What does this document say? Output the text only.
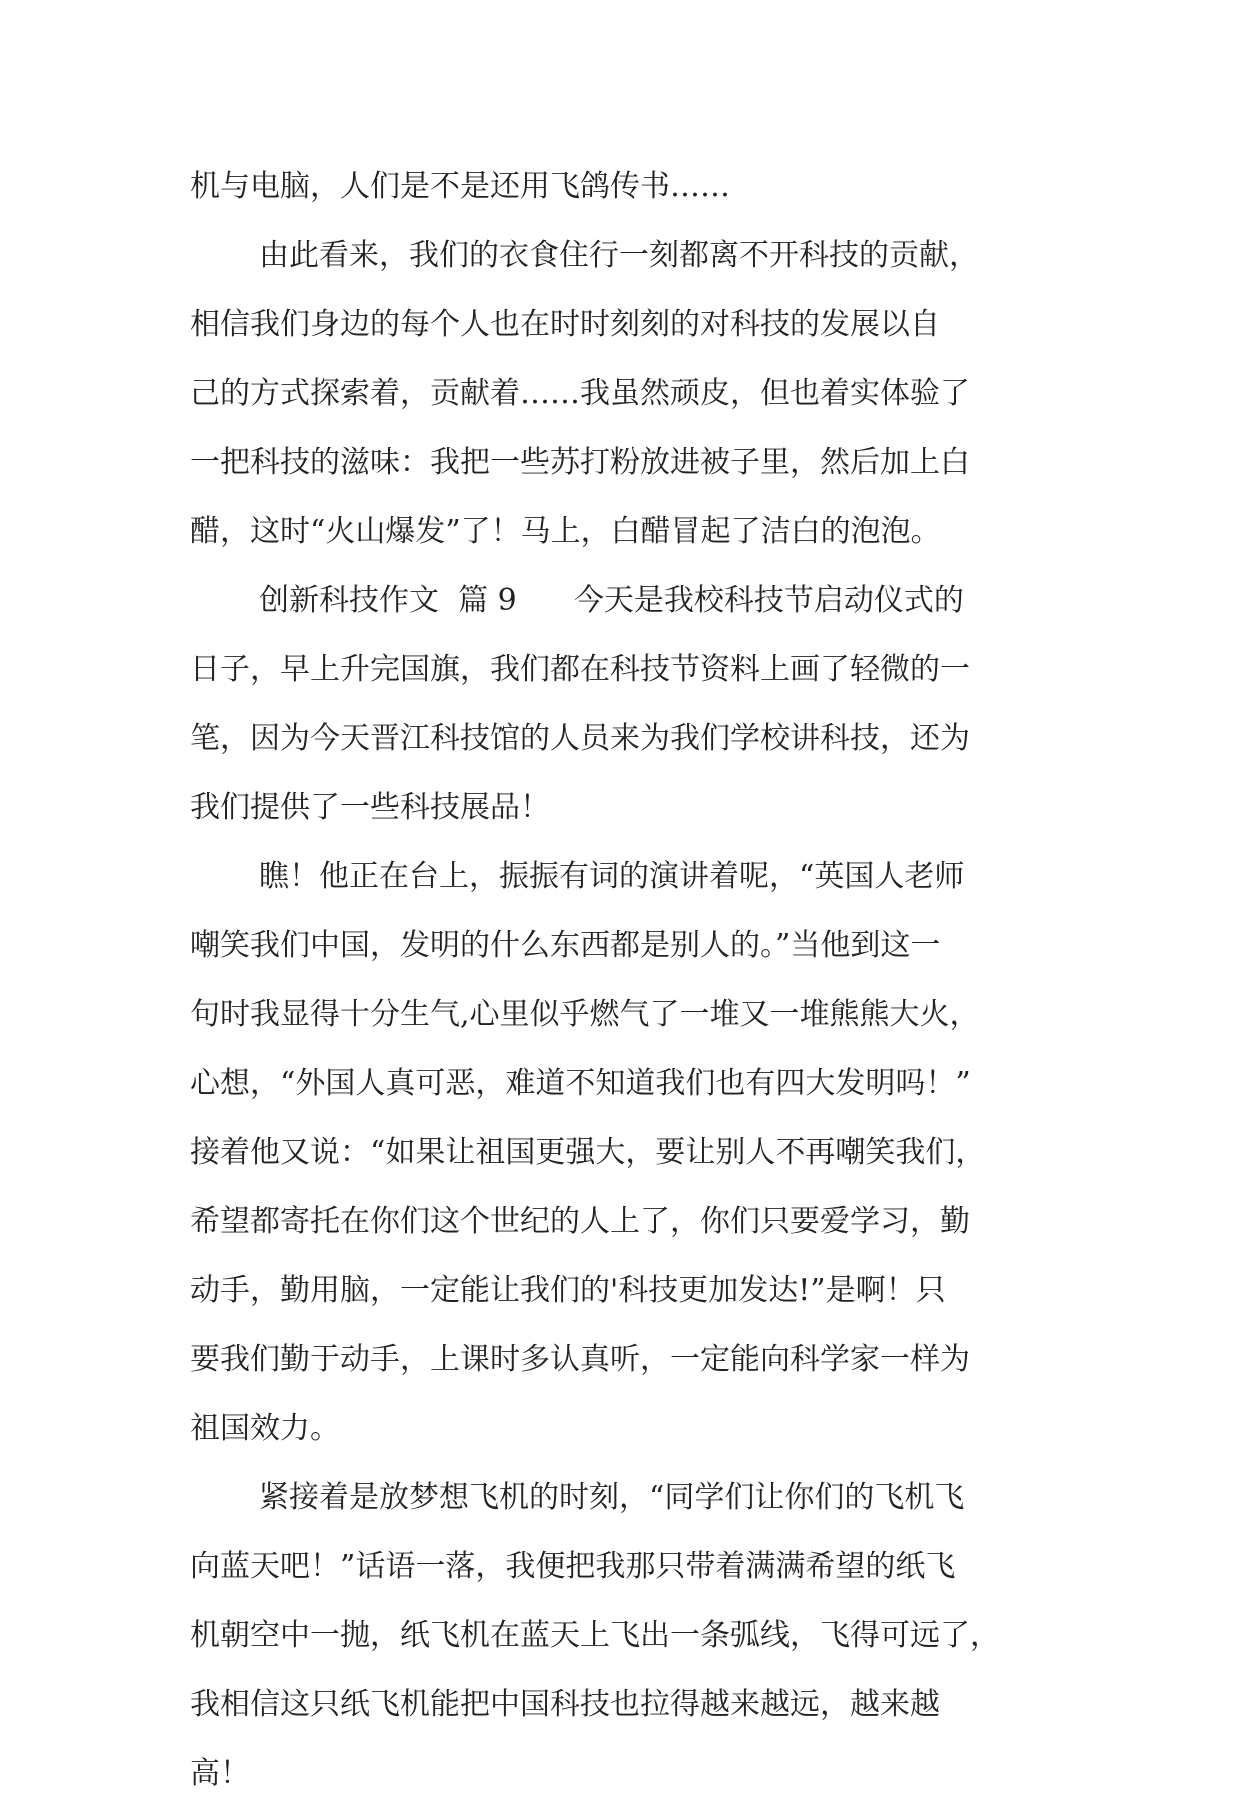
机与电脑，人们是不是还用飞鸽传书……
由此看来，我们的衣食住行一刻都离不开科技的贡献，
相信我们身边的每个人也在时时刻刻的对科技的发展以自
己的方式探索着，贡献着……我虽然顽皮，但也着实体验了
一把科技的滋味：我把一些苏打粉放进被子里，然后加上白
醋，这时“火山爆发”了！马上，白醋冒起了洁白的泡泡。
创新科技作文  篇 9      今天是我校科技节启动仪式的
日子，早上升完国旗，我们都在科技节资料上画了轻微的一
笔，因为今天晋江科技馆的人员来为我们学校讲科技，还为
我们提供了一些科技展品！
瞧！他正在台上，振振有词的演讲着呢，“英国人老师
嘲笑我们中国，发明的什么东西都是别人的。”当他到这一
句时我显得十分生气,心里似乎燃气了一堆又一堆熊熊大火，
心想，“外国人真可恶，难道不知道我们也有四大发明吗！”
接着他又说：“如果让祖国更强大，要让别人不再嘲笑我们，
希望都寄托在你们这个世纪的人上了，你们只要爱学习，勤
动手，勤用脑，一定能让我们的'科技更加发达!”是啊！只
要我们勤于动手，上课时多认真听，一定能向科学家一样为
祖国效力。
紧接着是放梦想飞机的时刻，“同学们让你们的飞机飞
向蓝天吧！”话语一落，我便把我那只带着满满希望的纸飞
机朝空中一抛，纸飞机在蓝天上飞出一条弧线，飞得可远了，
我相信这只纸飞机能把中国科技也拉得越来越远，越来越
高！
